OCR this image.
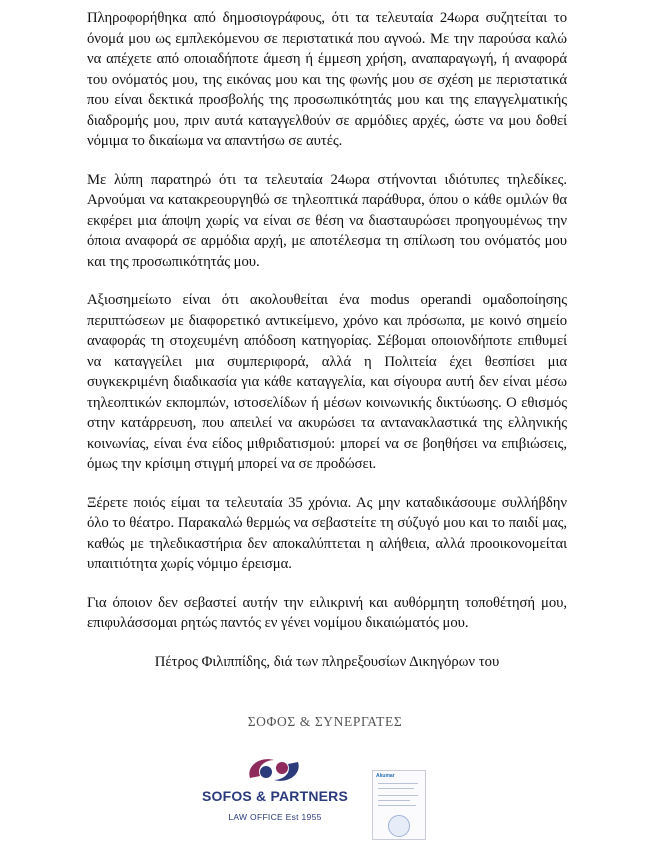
Πληροφορήθηκα από δημοσιογράφους, ότι τα τελευταία 24ωρα συζητείται το όνομά μου ως εμπλεκόμενου σε περιστατικά που αγνοώ. Με την παρούσα καλώ να απέχετε από οποιαδήποτε άμεση ή έμμεση χρήση, αναπαραγωγή, ή αναφορά του ονόματός μου, της εικόνας μου και της φωνής μου σε σχέση με περιστατικά που είναι δεκτικά προσβολής της προσωπικότητάς μου και της επαγγελματικής διαδρομής μου, πριν αυτά καταγγελθούν σε αρμόδιες αρχές, ώστε να μου δοθεί νόμιμα το δικαίωμα να απαντήσω σε αυτές.

Με λύπη παρατηρώ ότι τα τελευταία 24ωρα στήνονται ιδιότυπες τηλεδίκες. Αρνούμαι να κατακρεουργηθώ σε τηλεοπτικά παράθυρα, όπου ο κάθε ομιλών θα εκφέρει μια άποψη χωρίς να είναι σε θέση να διασταυρώσει προηγουμένως την όποια αναφορά σε αρμόδια αρχή, με αποτέλεσμα τη σπίλωση του ονόματός μου και της προσωπικότητάς μου.

Αξιοσημείωτο είναι ότι ακολουθείται ένα modus operandi ομαδοποίησης περιπτώσεων με διαφορετικό αντικείμενο, χρόνο και πρόσωπα, με κοινό σημείο αναφοράς τη στοχευμένη απόδοση κατηγορίας. Σέβομαι οποιονδήποτε επιθυμεί να καταγγείλει μια συμπεριφορά, αλλά η Πολιτεία έχει θεσπίσει μια συγκεκριμένη διαδικασία για κάθε καταγγελία, και σίγουρα αυτή δεν είναι μέσω τηλεοπτικών εκπομπών, ιστοσελίδων ή μέσων κοινωνικής δικτύωσης. Ο εθισμός στην κατάρρευση, που απειλεί να ακυρώσει τα αντανακλαστικά της ελληνικής κοινωνίας, είναι ένα είδος μιθριδατισμού: μπορεί να σε βοηθήσει να επιβιώσεις, όμως την κρίσιμη στιγμή μπορεί να σε προδώσει.

Ξέρετε ποιός είμαι τα τελευταία 35 χρόνια. Ας μην καταδικάσουμε συλλήβδην όλο το θέατρο. Παρακαλώ θερμώς να σεβαστείτε τη σύζυγό μου και το παιδί μας, καθώς με τηλεδικαστήρια δεν αποκαλύπτεται η αλήθεια, αλλά προοικονομείται υπαιτιότητα χωρίς νόμιμο έρεισμα.

Για όποιον δεν σεβαστεί αυτήν την ειλικρινή και αυθόρμητη τοποθέτησή μου, επιφυλάσσομαι ρητώς παντός εν γένει νομίμου δικαιώματός μου.

Πέτρος Φιλιππίδης, διά των πληρεξουσίων Δικηγόρων του
ΣΟΦΟΣ & ΣΥΝΕΡΓΑΤΕΣ
SOFOS & PARTNERS
LAW OFFICE Est 1955
Akumar
